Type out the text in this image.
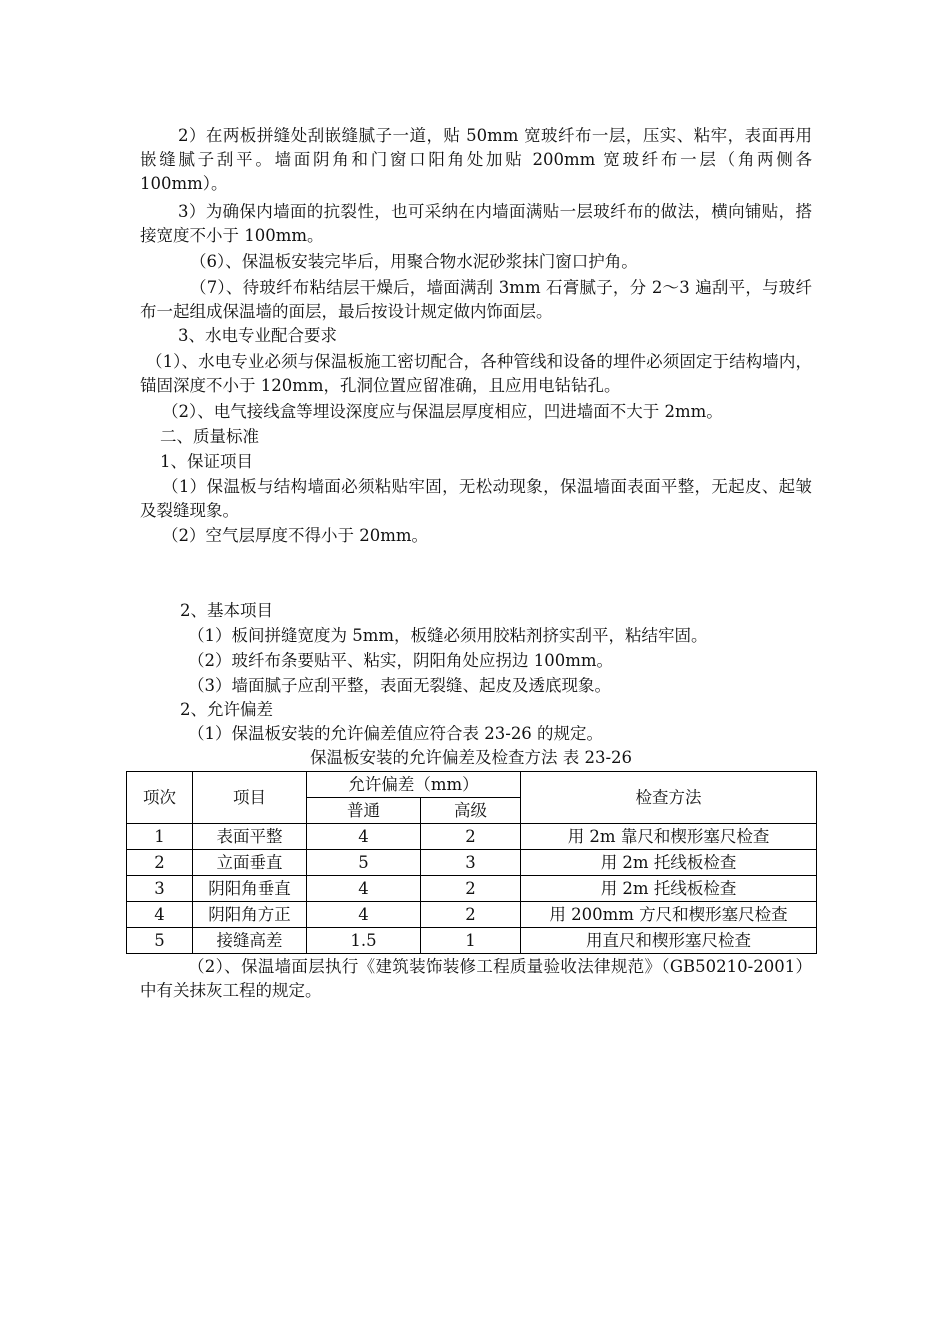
2）在两板拼缝处刮嵌缝腻子一道，贴 50mm 宽玻纤布一层，压实、粘牢，表面再用嵌缝腻子刮平。墙面阴角和门窗口阳角处加贴 200mm 宽玻纤布一层（角两侧各 100mm）。
3）为确保内墙面的抗裂性，也可采纳在内墙面满贴一层玻纤布的做法，横向铺贴，搭接宽度不小于 100mm。
（6）、保温板安装完毕后，用聚合物水泥砂浆抹门窗口护角。
（7）、待玻纤布粘结层干燥后，墙面满刮 3mm 石膏腻子，分 2～3 遍刮平，与玻纤布一起组成保温墙的面层，最后按设计规定做内饰面层。
3、水电专业配合要求
（1）、水电专业必须与保温板施工密切配合，各种管线和设备的埋件必须固定于结构墙内，锚固深度不小于 120mm，孔洞位置应留准确，且应用电钻钻孔。
（2）、电气接线盒等埋设深度应与保温层厚度相应，凹进墙面不大于 2mm。
二、质量标准
1、保证项目
（1）保温板与结构墙面必须粘贴牢固，无松动现象，保温墙面表面平整，无起皮、起皱及裂缝现象。
（2）空气层厚度不得小于 20mm。
2、基本项目
（1）板间拼缝宽度为 5mm，板缝必须用胶粘剂挤实刮平，粘结牢固。
（2）玻纤布条要贴平、粘实，阴阳角处应拐边 100mm。
（3）墙面腻子应刮平整，表面无裂缝、起皮及透底现象。
2、允许偏差
（1）保温板安装的允许偏差值应符合表 23-26 的规定。
保温板安装的允许偏差及检查方法 表 23-26
项次	项目	允许偏差（mm）		检查方法
		普通	高级	
1	表面平整	4	2	用 2m 靠尺和楔形塞尺检查
2	立面垂直	5	3	用 2m 托线板检查
3	阴阳角垂直	4	2	用 2m 托线板检查
4	阴阳角方正	4	2	用 200mm 方尺和楔形塞尺检查
5	接缝高差	1.5	1	用直尺和楔形塞尺检查
（2）、保温墙面层执行《建筑装饰装修工程质量验收法律规范》（GB50210-2001）中有关抹灰工程的规定。
